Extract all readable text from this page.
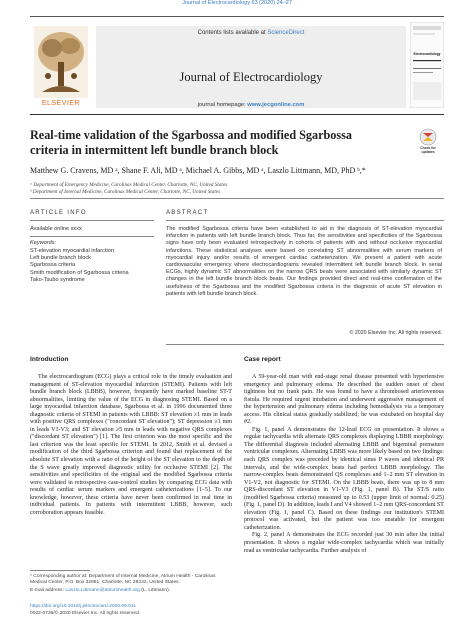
Journal of Electrocardiology 63 (2020) 24–27
ELSEVIER
Contents lists available at ScienceDirect
Journal of Electrocardiology
journal homepage: www.jecgonline.com
Electrocardiology
Real-time validation of the Sgarbossa and modified Sgarbossa criteria in intermittent left bundle branch block	Check for updates
Matthew G. Cravens, MD ᵃ, Shane F. Ali, MD ᵃ, Michael A. Gibbs, MD ᵃ, Laszlo Littmann, MD, PhD ᵇ,*
ᵃ Department of Emergency Medicine, Carolinas Medical Center, Charlotte, NC, United States
ᵇ Department of Internal Medicine, Carolinas Medical Center, Charlotte, NC, United States
ARTICLE INFO	ABSTRACT
Available online xxxx
Keywords:
ST-elevation myocardial infarction
Left bundle branch block
Sgarbossa criteria
Smith modification of Sgarbossa criteria
Tako-Tsubo syndrome
The modified Sgarbossa criteria have been established to aid in the diagnosis of ST-elevation myocardial infarction in patients with left bundle branch block. Thus far, the sensitivities and specificities of the Sgarbossa signs have only been evaluated retrospectively in cohorts of patients with and without occlusive myocardial infarctions. These statistical analyses were based on correlating ST abnormalities with serum markers of myocardial injury and/or results of emergent cardiac catheterization. We present a patient with acute cardiovascular emergency where electrocardiograms revealed intermittent left bundle branch block. In serial ECGs, highly dynamic ST abnormalities on the narrow QRS beats were associated with similarly dynamic ST changes in the left bundle branch block beats. Our findings provided direct and real-time confirmation of the usefulness of the Sgarbossa and the modified Sgarbossa criteria in the diagnosis of acute ST elevation in patients with left bundle branch block.
© 2020 Elsevier Inc. All rights reserved.
Introduction

The electrocardiogram (ECG) plays a critical role in the timely evaluation and management of ST-elevation myocardial infarction (STEMI). Patients with left bundle branch block (LBBB), however, frequently have marked baseline ST-T abnormalities, limiting the value of the ECG in diagnosing STEMI. Based on a large myocardial infarction database, Sgarbossa et al. in 1996 documented three diagnostic criteria of STEMI in patients with LBBB: ST elevation ≥1 mm in leads with positive QRS complexes ("concordant ST elevation"); ST depression ≥1 mm in leads V1-V3; and ST elevation ≥5 mm in leads with negative QRS complexes ("discordant ST elevation") [1]. The first criterion was the most specific and the last criterion was the least specific for STEMI. In 2012, Smith et al. devised a modification of the third Sgarbossa criterion and found that replacement of the absolute ST elevation with a ratio of the height of the ST elevation to the depth of the S wave greatly improved diagnostic utility for occlusive STEMI [2]. The sensitivities and specificities of the original and the modified Sgarbossa criteria were validated in retrospective case-control studies by comparing ECG data with results of cardiac serum markers and emergent catheterizations [1–5]. To our knowledge, however, these criteria have never been confirmed in real time in individual patients. In patients with intermittent LBBB, however, such corroboration appears feasible.

Case report

A 59-year-old man with end-stage renal disease presented with hypertensive emergency and pulmonary edema. He described the sudden onset of chest tightness but no frank pain. He was found to have a thrombosed arteriovenous fistula. He required urgent intubation and underwent aggressive management of the hypertension and pulmonary edema including hemodialysis via a temporary access. His clinical status gradually stabilized; he was extubated on hospital day #2.

Fig. 1, panel A demonstrates the 12-lead ECG on presentation. It shows a regular tachycardia with alternate QRS complexes displaying LBBB morphology. The differential diagnosis included alternating LBBB and bigeminal premature ventricular complexes. Alternating LBBB was more likely based on two findings: each QRS complex was preceded by identical sinus P waves and identical PR intervals, and the wide-complex beats had perfect LBBB morphology. The narrow-complex beats demonstrated QS complexes and 1–2 mm ST elevation in V1-V2, not diagnostic for STEMI. On the LBBB beats, there was up to 8 mm QRS-discordant ST elevation in V1-V3 (Fig. 1, panel B). The ST/S ratio (modified Sgarbossa criteria) measured up to 0.53 (upper limit of normal: 0.25) (Fig. 1, panel D). In addition, leads I and V4 showed 1–2 mm QRS-concordant ST elevation (Fig. 1, panel C). Based on these findings our institution's STEMI protocol was activated, but the patient was too unstable for emergent catheterization.

Fig. 2, panel A demonstrates the ECG recorded just 30 min after the initial presentation. It shows a regular wide-complex tachycardia which was initially read as ventricular tachycardia. Further analysis of

* Corresponding author at: Department of Internal Medicine, Atrium Health - Carolinas Medical Center, P.O. Box 32861, Charlotte, NC 28232, United States.
E-mail address: Laszlo.Littmann@atriumhealth.org (L. Littmann).
https://doi.org/10.1016/j.jelectrocard.2020.09.011
0022-0736/© 2020 Elsevier Inc. All rights reserved.
